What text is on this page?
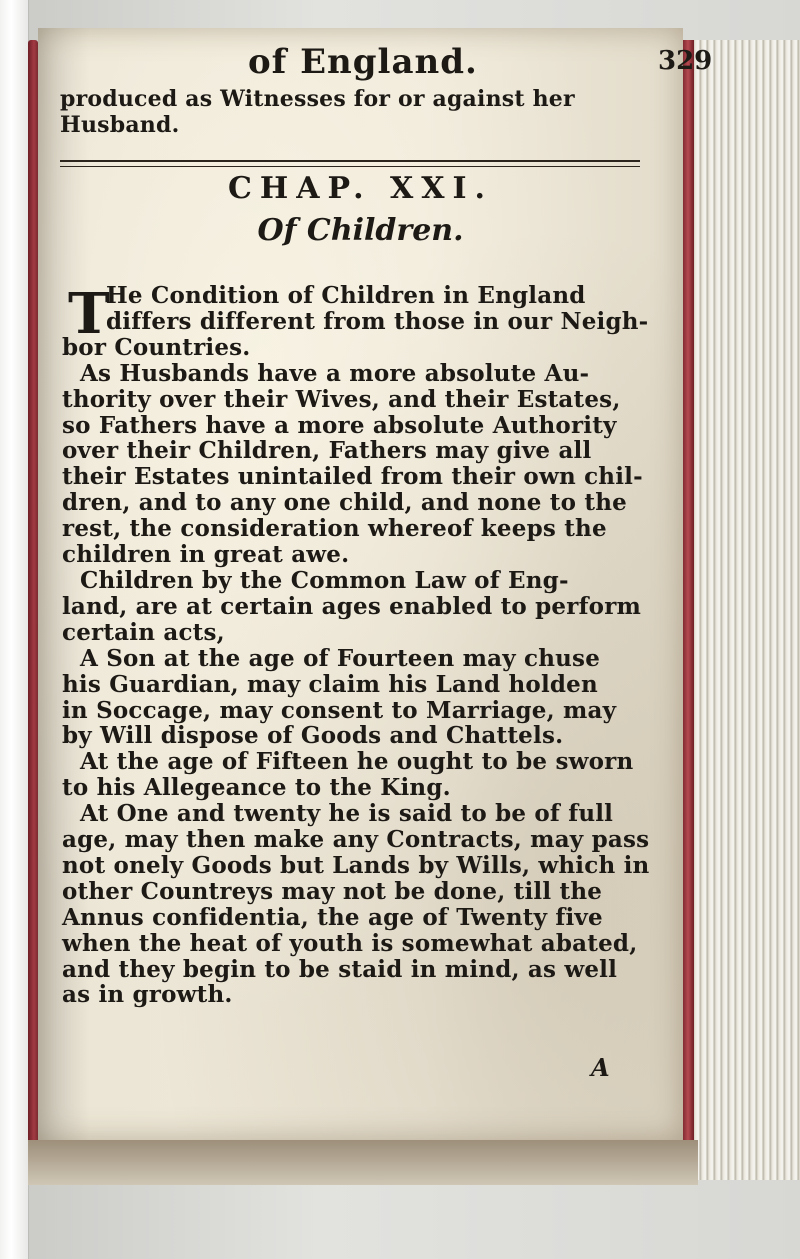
of England.	329
produced as Witnesses for or against her
Husband.
CHAP. XXI.
Of Children.
T
He Condition of Children in England
differs different from those in our Neigh-
bor Countries.
As Husbands have a more absolute Au-
thority over their Wives, and their Estates,
so Fathers have a more absolute Authority
over their Children, Fathers may give all
their Estates unintailed from their own chil-
dren, and to any one child, and none to the
rest, the consideration whereof keeps the
children in great awe.
Children by the Common Law of Eng-
land, are at certain ages enabled to perform
certain acts,
A Son at the age of Fourteen may chuse
his Guardian, may claim his Land holden
in Soccage, may consent to Marriage, may
by Will dispose of Goods and Chattels.
At the age of Fifteen he ought to be sworn
to his Allegeance to the King.
At One and twenty he is said to be of full
age, may then make any Contracts, may pass
not onely Goods but Lands by Wills, which in
other Countreys may not be done, till the
Annus confidentia, the age of Twenty five
when the heat of youth is somewhat abated,
and they begin to be staid in mind, as well
as in growth.
A
